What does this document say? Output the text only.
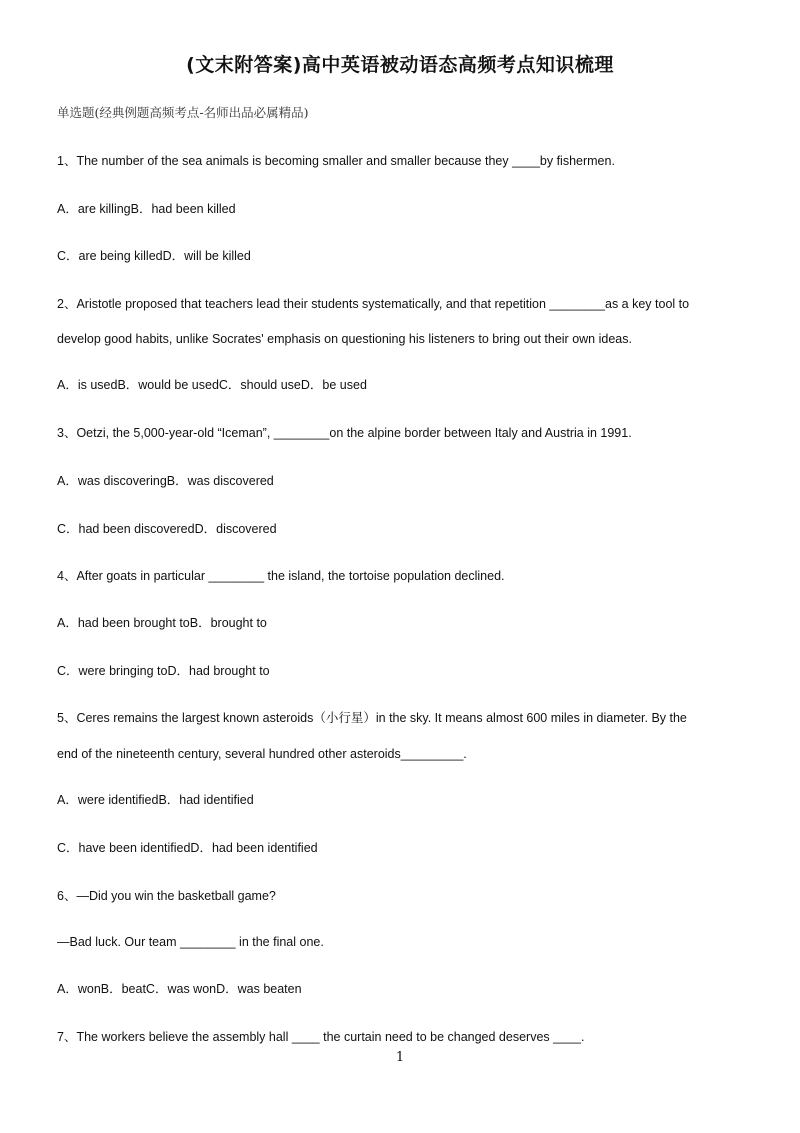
(文末附答案)高中英语被动语态高频考点知识梳理
单选题(经典例题高频考点-名师出品必属精品)
1、The number of the sea animals is becoming smaller and smaller because they ____by fishermen.
A．are killingB．had been killed
C．are being killedD．will be killed
2、Aristotle proposed that teachers lead their students systematically, and that repetition ________as a key tool to
develop good habits, unlike Socrates' emphasis on questioning his listeners to bring out their own ideas.
A．is usedB．would be usedC．should useD．be used
3、Oetzi, the 5,000-year-old “Iceman”, ________on the alpine border between Italy and Austria in 1991.
A．was discoveringB．was discovered
C．had been discoveredD．discovered
4、After goats in particular ________ the island, the tortoise population declined.
A．had been brought toB．brought to
C．were bringing toD．had brought to
5、Ceres remains the largest known asteroids（小行星）in the sky. It means almost 600 miles in diameter. By the
end of the nineteenth century, several hundred other asteroids_________.
A．were identifiedB．had identified
C．have been identifiedD．had been identified
6、—Did you win the basketball game?
—Bad luck. Our team ________ in the final one.
A．wonB．beatC．was wonD．was beaten
7、The workers believe the assembly hall ____ the curtain need to be changed deserves ____.
1
